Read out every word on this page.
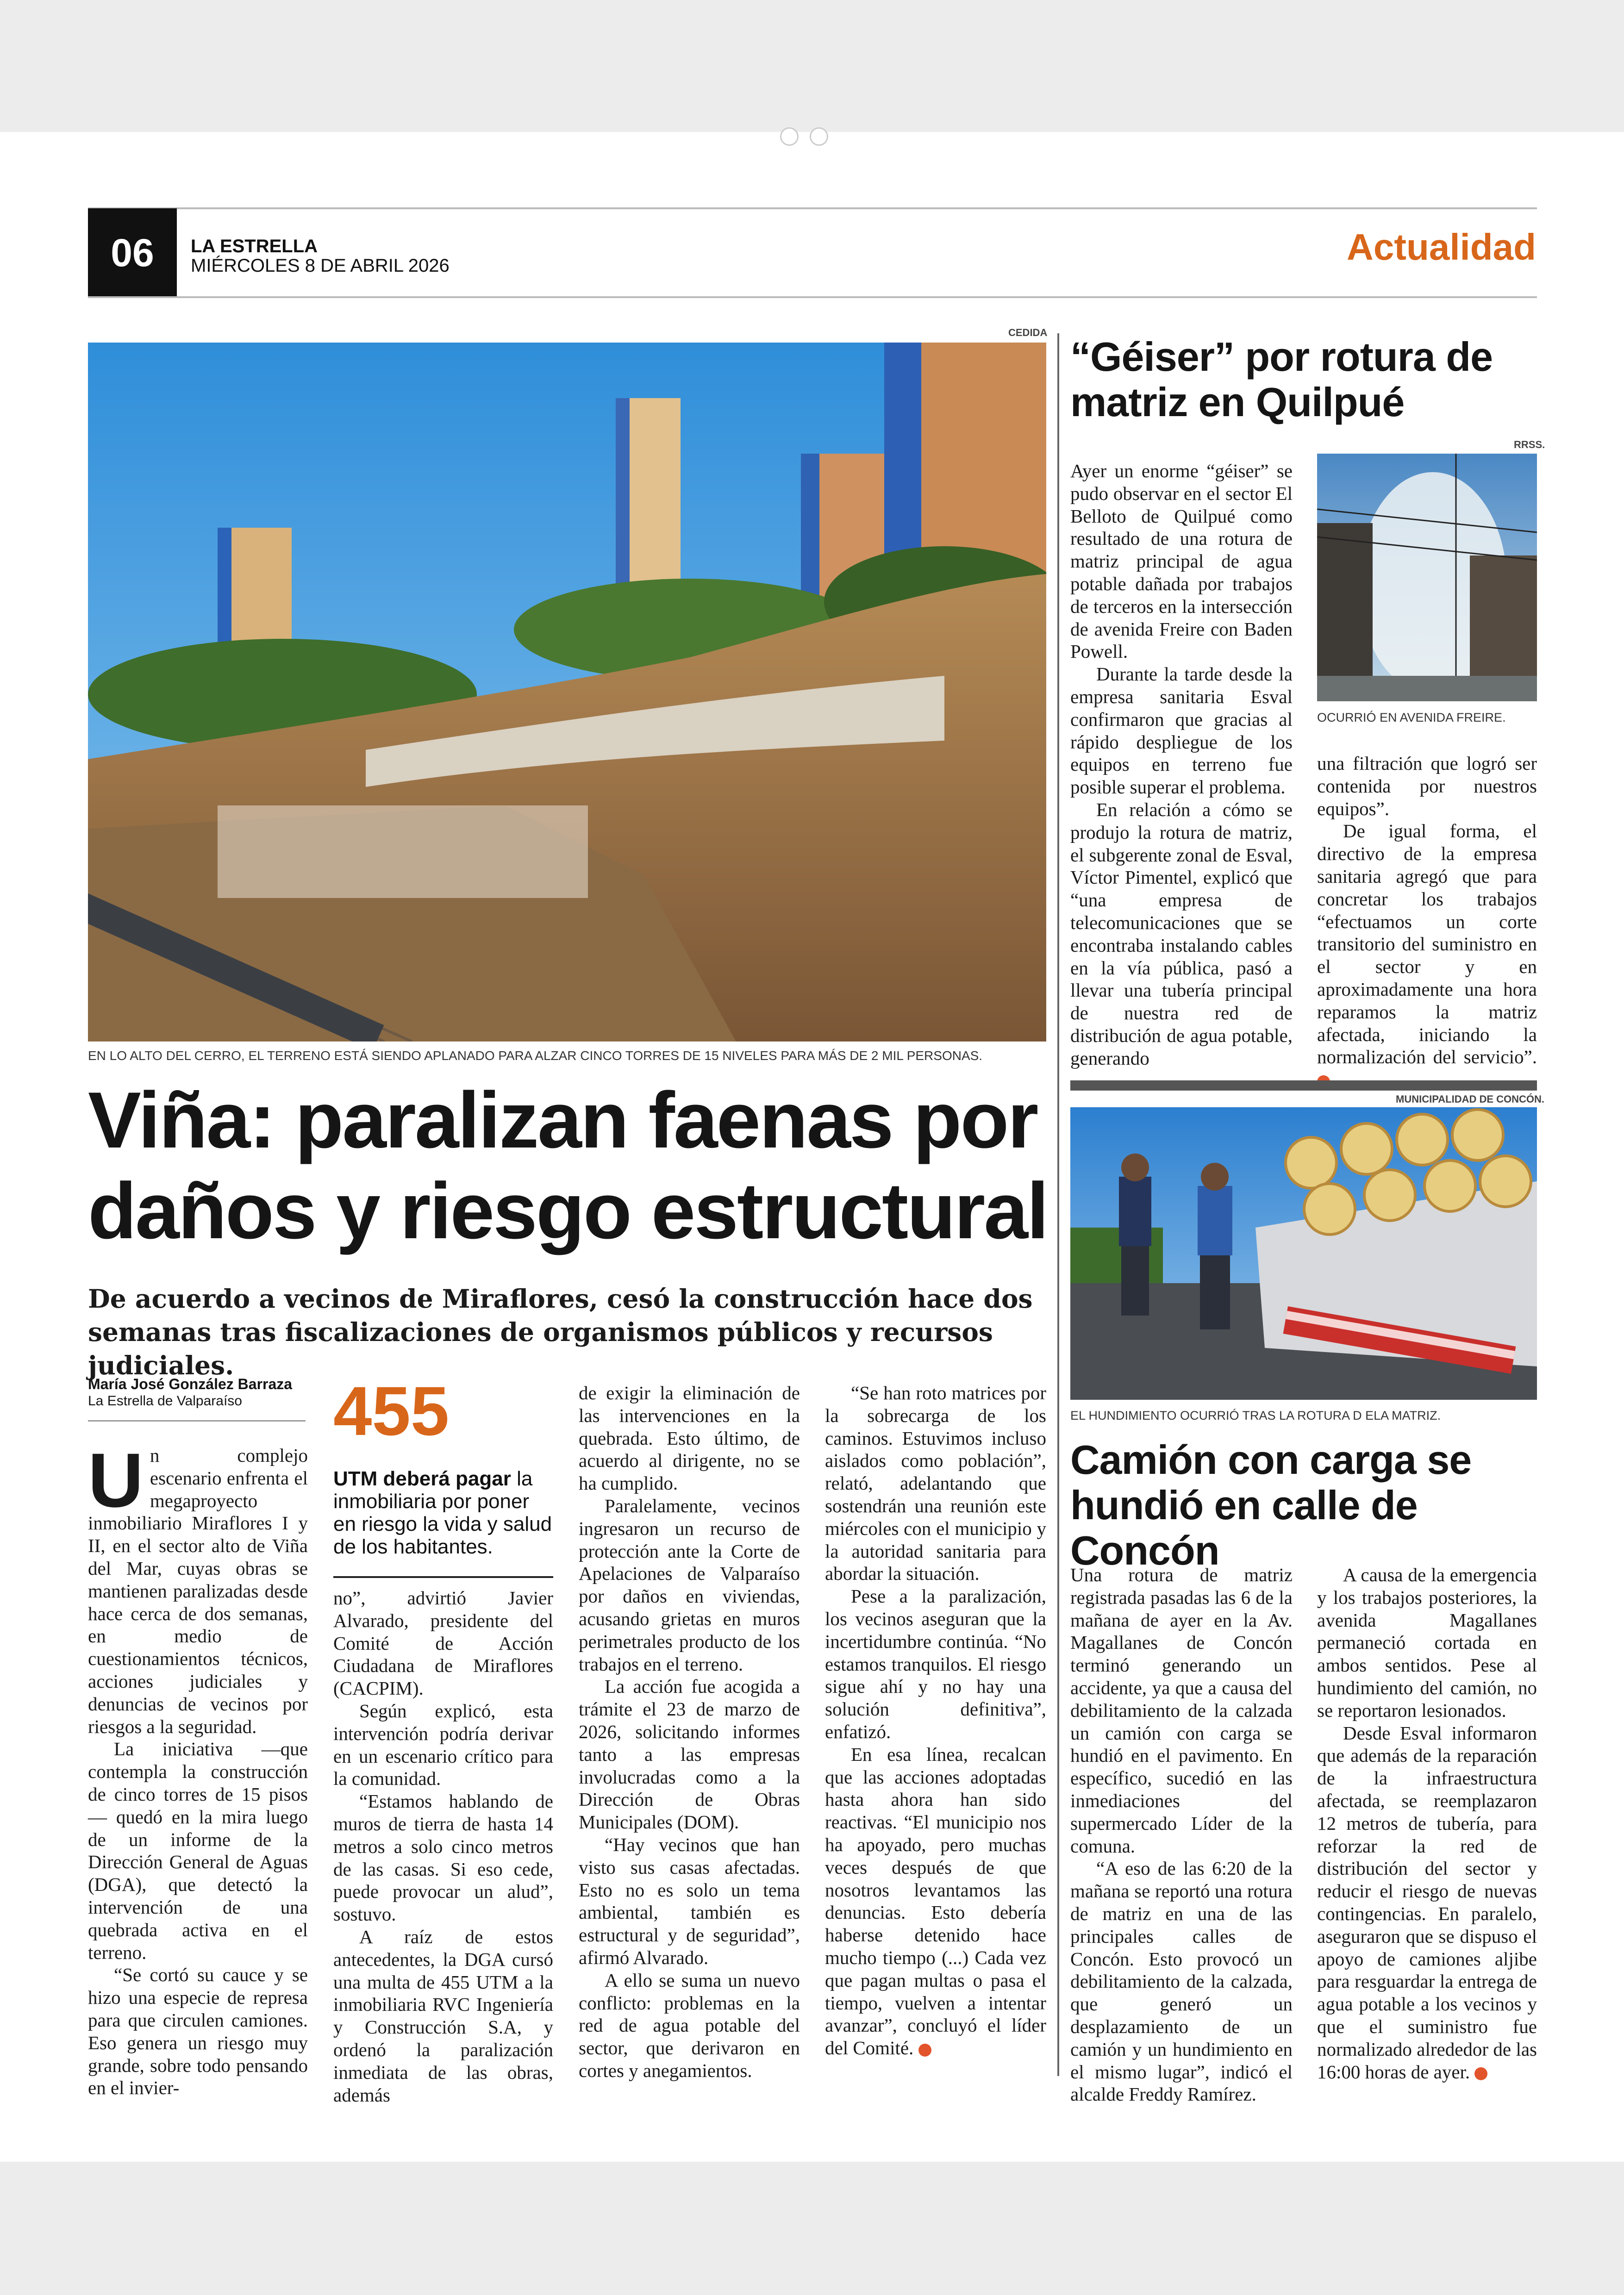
06	LA ESTRELLA
MIÉRCOLES 8 DE ABRIL 2026	Actualidad
CEDIDA
EN LO ALTO DEL CERRO, EL TERRENO ESTÁ SIENDO APLANADO PARA ALZAR CINCO TORRES DE 15 NIVELES PARA MÁS DE 2 MIL PERSONAS.
Viña: paralizan faenas por daños y riesgo estructural
De acuerdo a vecinos de Miraflores, cesó la construcción hace dos semanas tras fiscalizaciones de organismos públicos y recursos judiciales.
María José González Barraza
La Estrella de Valparaíso 455
UTM deberá pagar la inmobiliaria por poner en riesgo la vida y salud de los habitantes.

Un complejo escenario enfrenta el megaproyecto inmobiliario Miraflores I y II, en el sector alto de Viña del Mar, cuyas obras se mantienen paralizadas desde hace cerca de dos semanas, en medio de cuestionamientos técnicos, acciones judiciales y denuncias de vecinos por riesgos a la seguridad.

La iniciativa —que contempla la construcción de cinco torres de 15 pisos— quedó en la mira luego de un informe de la Dirección General de Aguas (DGA), que detectó la intervención de una quebrada activa en el terreno.

“Se cortó su cauce y se hizo una especie de represa para que circulen camiones. Eso genera un riesgo muy grande, sobre todo pensando en el invier-

no”, advirtió Javier Alvarado, presidente del Comité de Acción Ciudadana de Miraflores (CACPIM).

Según explicó, esta intervención podría derivar en un escenario crítico para la comunidad.

“Estamos hablando de muros de tierra de hasta 14 metros a solo cinco metros de las casas. Si eso cede, puede provocar un alud”, sostuvo.

A raíz de estos antecedentes, la DGA cursó una multa de 455 UTM a la inmobiliaria RVC Ingeniería y Construcción S.A, y ordenó la paralización inmediata de las obras, además

de exigir la eliminación de las intervenciones en la quebrada. Esto último, de acuerdo al dirigente, no se ha cumplido.

Paralelamente, vecinos ingresaron un recurso de protección ante la Corte de Apelaciones de Valparaíso por daños en viviendas, acusando grietas en muros perimetrales producto de los trabajos en el terreno.

La acción fue acogida a trámite el 23 de marzo de 2026, solicitando informes tanto a las empresas involucradas como a la Dirección de Obras Municipales (DOM).

“Hay vecinos que han visto sus casas afectadas. Esto no es solo un tema ambiental, también es estructural y de seguridad”, afirmó Alvarado.

A ello se suma un nuevo conflicto: problemas en la red de agua potable del sector, que derivaron en cortes y anegamientos.

“Se han roto matrices por la sobrecarga de los caminos. Estuvimos incluso aislados como población”, relató, adelantando que sostendrán una reunión este miércoles con el municipio y la autoridad sanitaria para abordar la situación.

Pese a la paralización, los vecinos aseguran que la incertidumbre continúa. “No estamos tranquilos. El riesgo sigue ahí y no hay una solución definitiva”, enfatizó.

En esa línea, recalcan que las acciones adoptadas hasta ahora han sido reactivas. “El municipio nos ha apoyado, pero muchas veces después de que nosotros levantamos las denuncias. Esto debería haberse detenido hace mucho tiempo (...) Cada vez que pagan multas o pasa el tiempo, vuelven a intentar avanzar”, concluyó el líder del Comité.	✪

“Géiser” por rotura de matriz en Quilpué
RRSS.
OCURRIÓ EN AVENIDA FREIRE.

Ayer un enorme “géiser” se pudo observar en el sector El Belloto de Quilpué como resultado de una rotura de matriz principal de agua potable dañada por trabajos de terceros en la intersección de avenida Freire con Baden Powell.

Durante la tarde desde la empresa sanitaria Esval confirmaron que gracias al rápido despliegue de los equipos en terreno fue posible superar el problema.

En relación a cómo se produjo la rotura de matriz, el subgerente zonal de Esval, Víctor Pimentel, explicó que “una empresa de telecomunicaciones que se encontraba instalando cables en la vía pública, pasó a llevar una tubería principal de nuestra red de distribución de agua potable, generando

una filtración que logró ser contenida por nuestros equipos”.

De igual forma, el directivo de la empresa sanitaria agregó que para concretar los trabajos “efectuamos un corte transitorio del suministro en el sector y en aproximadamente una hora reparamos la matriz afectada, iniciando la normalización del servicio”.

MUNICIPALIDAD DE CONCÓN.
EL HUNDIMIENTO OCURRIÓ TRAS LA ROTURA D ELA MATRIZ.
Camión con carga se hundió en calle de Concón

Una rotura de matriz registrada pasadas las 6 de la mañana de ayer en la Av. Magallanes de Concón terminó generando un accidente, ya que a causa del debilitamiento de la calzada un camión con carga se hundió en el pavimento. En específico, sucedió en las inmediaciones del supermercado Líder de la comuna.

“A eso de las 6:20 de la mañana se reportó una rotura de matriz en una de las principales calles de Concón. Esto provocó un debilitamiento de la calzada, que generó un desplazamiento de un camión y un hundimiento en el mismo lugar”, indicó el alcalde Freddy Ramírez.

A causa de la emergencia y los trabajos posteriores, la avenida Magallanes permaneció cortada en ambos sentidos. Pese al hundimiento del camión, no se reportaron lesionados.

Desde Esval informaron que además de la reparación de la infraestructura afectada, se reemplazaron 12 metros de tubería, para reforzar la red de distribución del sector y reducir el riesgo de nuevas contingencias. En paralelo, aseguraron que se dispuso el apoyo de camiones aljibe para resguardar la entrega de agua potable a los vecinos y que el suministro fue normalizado alrededor de las 16:00 horas de ayer.	✪
